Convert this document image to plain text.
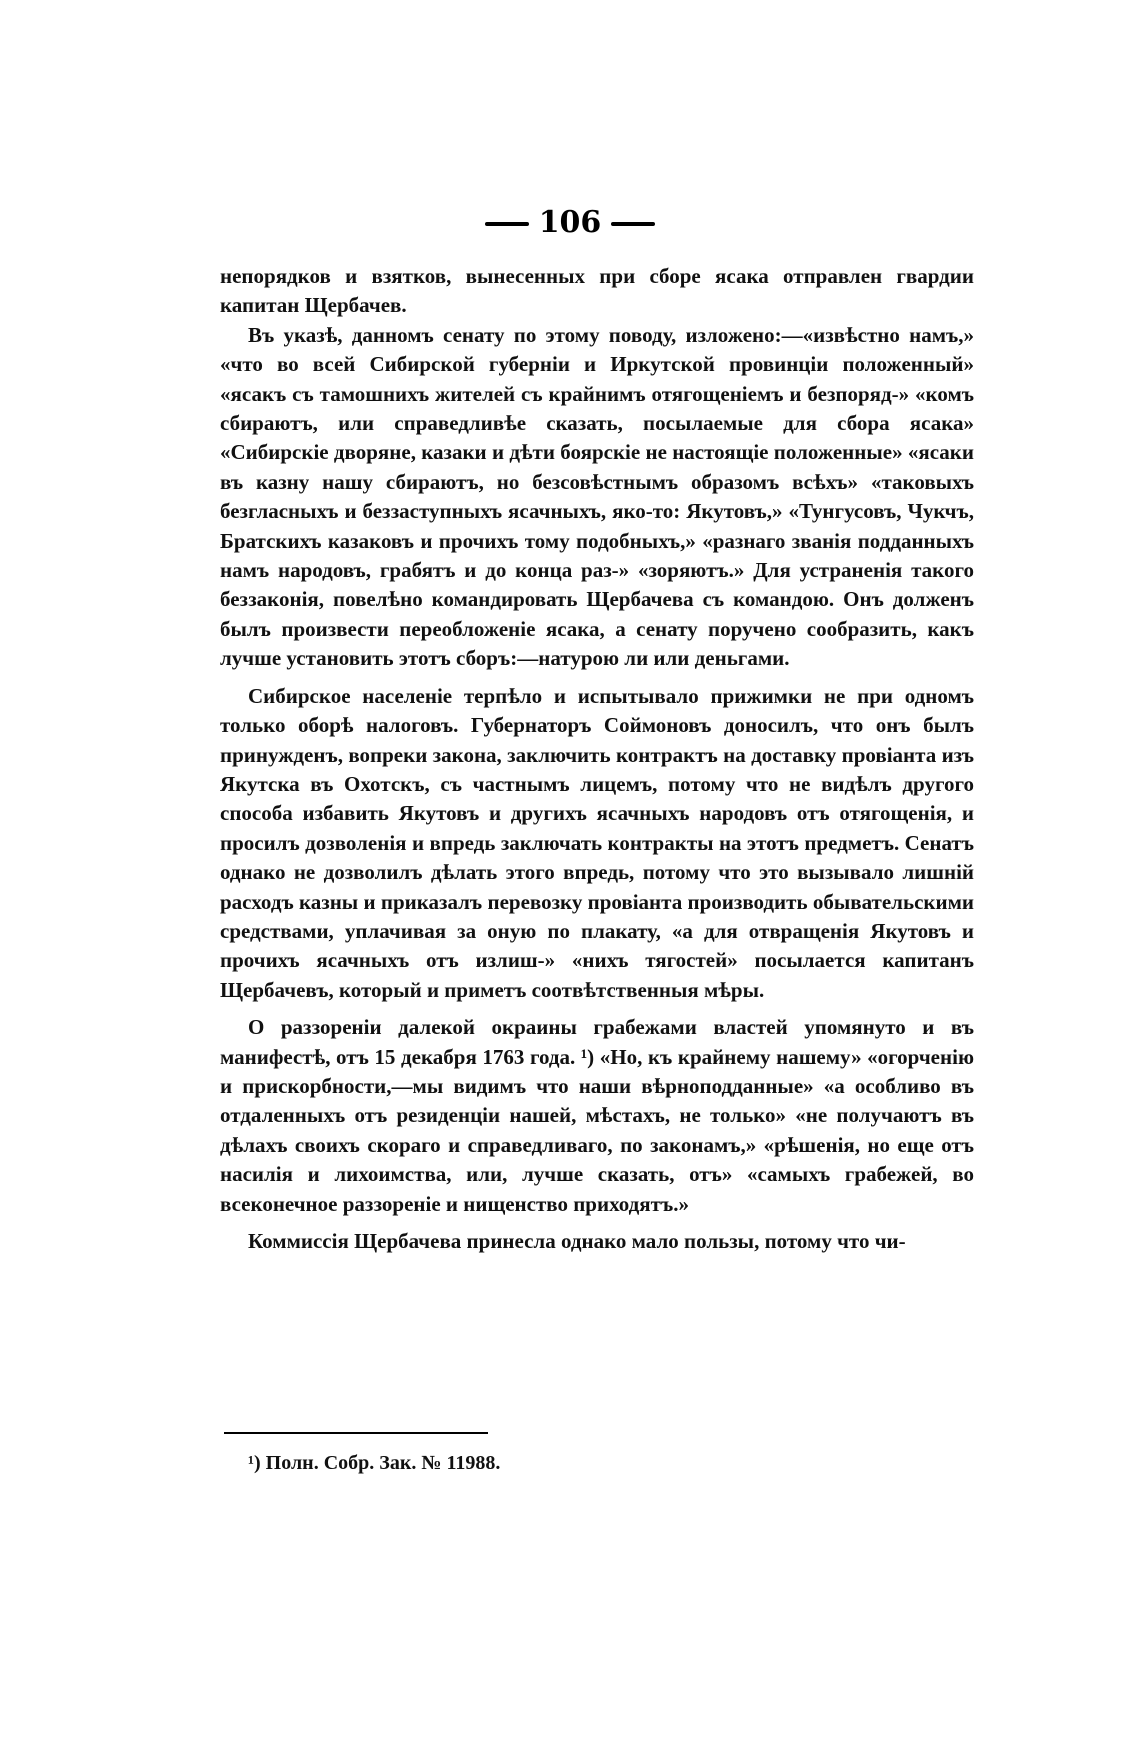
106

непорядков и взятков, вынесенных при сборе ясака отправлен гвардии капитан Щербачев.

Въ указѣ, данномъ сенату по этому поводу, изложено:—«извѣстно намъ,» «что во всей Сибирской губерніи и Иркутской провинціи положенный» «ясакъ съ тамошнихъ жителей съ крайнимъ отягощеніемъ и безпоряд-» «комъ сбираютъ, или справедливѣе сказать, посылаемые для сбора ясака» «Сибирскіе дворяне, казаки и дѣти боярскіе не настоящіе положенные» «ясаки въ казну нашу сбираютъ, но безсовѣстнымъ образомъ всѣхъ» «таковыхъ безгласныхъ и беззаступныхъ ясачныхъ, яко-то: Якутовъ,» «Тунгусовъ, Чукчъ, Братскихъ казаковъ и прочихъ тому подобныхъ,» «разнаго званія подданныхъ намъ народовъ, грабятъ и до конца раз-» «зоряютъ.» Для устраненія такого беззаконія, повелѣно командировать Щербачева съ командою. Онъ долженъ былъ произвести переобложеніе ясака, а сенату поручено сообразить, какъ лучше установить этотъ сборъ:—натурою ли или деньгами.

Сибирское населеніе терпѣло и испытывало прижимки не при одномъ только оборѣ налоговъ. Губернаторъ Соймоновъ доносилъ, что онъ былъ принужденъ, вопреки закона, заключить контрактъ на доставку провіанта изъ Якутска въ Охотскъ, съ частнымъ лицемъ, потому что не видѣлъ другого способа избавить Якутовъ и другихъ ясачныхъ народовъ отъ отягощенія, и просилъ дозволенія и впредь заключать контракты на этотъ предметъ. Сенатъ однако не дозволилъ дѣлать этого впредь, потому что это вызывало лишній расходъ казны и приказалъ перевозку провіанта производить обывательскими средствами, уплачивая за оную по плакату, «а для отвращенія Якутовъ и прочихъ ясачныхъ отъ излиш-» «нихъ тягостей» посылается капитанъ Щербачевъ, который и приметъ соотвѣтственныя мѣры.

О раззореніи далекой окраины грабежами властей упомянуто и въ манифестѣ, отъ 15 декабря 1763 года. ¹) «Но, къ крайнему нашему» «огорченію и прискорбности,—мы видимъ что наши вѣрноподданные» «а особливо въ отдаленныхъ отъ резиденціи нашей, мѣстахъ, не только» «не получаютъ въ дѣлахъ своихъ скораго и справедливаго, по законамъ,» «рѣшенія, но еще отъ насилія и лихоимства, или, лучше сказать, отъ» «самыхъ грабежей, во всеконечное раззореніе и нищенство приходятъ.»

Коммиссія Щербачева принесла однако мало пользы, потому что чи-

¹) Полн. Собр. Зак. № 11988.
